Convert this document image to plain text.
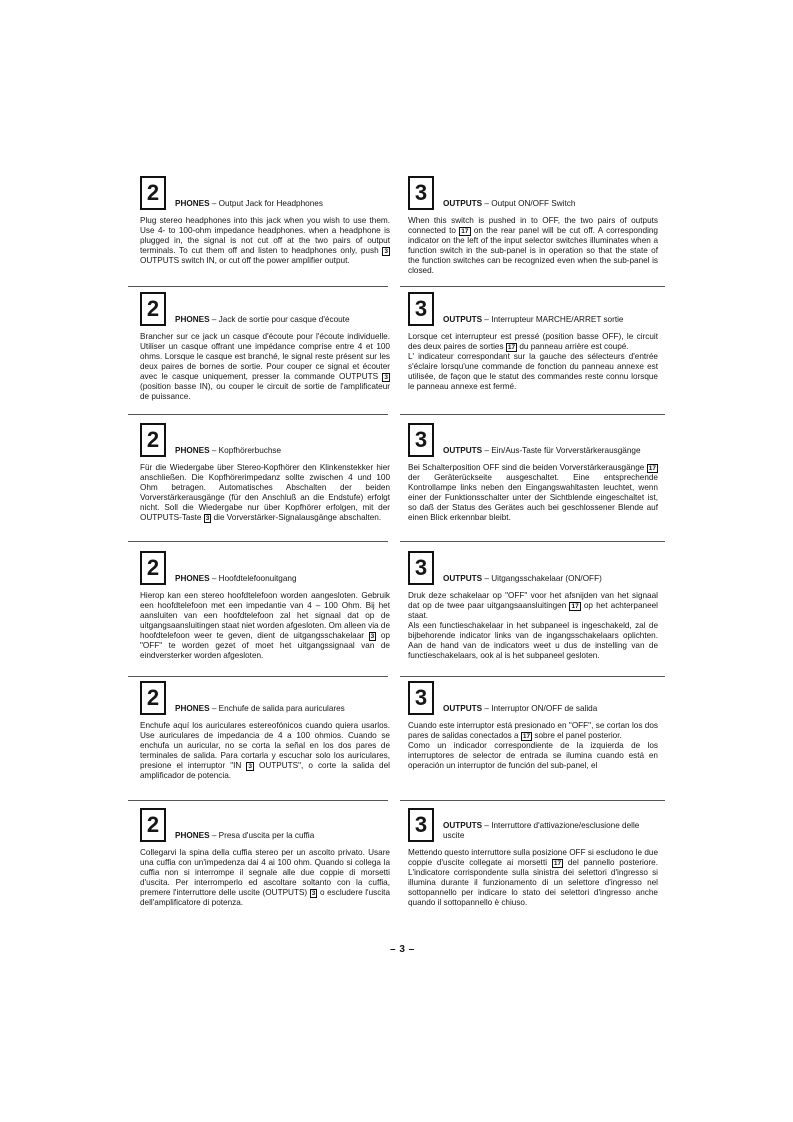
2	PHONES – Output Jack for Headphones
Plug stereo headphones into this jack when you wish to use them. Use 4- to 100-ohm impedance headphones. when a headphone is plugged in, the signal is not cut off at the two pairs of output terminals. To cut them off and listen to headphones only, push 3 OUTPUTS switch IN, or cut off the power amplifier output.
3	OUTPUTS – Output ON/OFF Switch
When this switch is pushed in to OFF, the two pairs of outputs connected to 17 on the rear panel will be cut off. A corresponding indicator on the left of the input selector switches illuminates when a function switch in the sub-panel is in operation so that the state of the function switches can be recognized even when the sub-panel is closed.
2	PHONES – Jack de sortie pour casque d'écoute
Brancher sur ce jack un casque d'écoute pour l'écoute individuelle. Utiliser un casque offrant une impédance comprise entre 4 et 100 ohms. Lorsque le casque est branché, le signal reste présent sur les deux paires de bornes de sortie. Pour couper ce signal et écouter avec le casque uniquement, presser la commande OUTPUTS 3 (position basse IN), ou couper le circuit de sortie de l'amplificateur de puissance.
3	OUTPUTS – Interrupteur MARCHE/ARRET sortie

Lorsque cet interrupteur est pressé (position basse OFF), le circuit des deux paires de sorties 17 du panneau arrière est coupé.

L' indicateur correspondant sur la gauche des sélecteurs d'entrée s'éclaire lorsqu'une commande de fonction du panneau annexe est utilisée, de façon que le statut des commandes reste connu lorsque le panneau annexe est fermé.

2	PHONES – Kopfhörerbuchse
Für die Wiedergabe über Stereo-Kopfhörer den Klinkenstekker hier anschließen. Die Kopfhörerimpedanz sollte zwischen 4 und 100 Ohm betragen. Automatisches Abschalten der beiden Vorverstärkerausgänge (für den Anschluß an die Endstufe) erfolgt nicht. Soll die Wiedergabe nur über Kopfhörer erfolgen, mit der OUTPUTS-Taste 3 die Vorverstärker-Signalausgänge abschalten.
3	OUTPUTS – Ein/Aus-Taste für Vorverstärkerausgänge
Bei Schalterposition OFF sind die beiden Vorverstärkerausgänge 17 der Geräterückseite ausgeschaltet. Eine entsprechende Kontrollampe links neben den Eingangswahltasten leuchtet, wenn einer der Funktionsschalter unter der Sichtblende eingeschaltet ist, so daß der Status des Gerätes auch bei geschlossener Blende auf einen Blick erkennbar bleibt.
2	PHONES – Hoofdtelefoonuitgang
Hierop kan een stereo hoofdtelefoon worden aangesloten. Gebruik een hoofdtelefoon met een impedantie van 4 – 100 Ohm. Bij het aansluiten van een hoofdtelefoon zal het signaal dat op de uitgangsaansluitingen staat niet worden afgesloten. Om alleen via de hoofdtelefoon weer te geven, dient de uitgangsschakelaar 3 op "OFF" te worden gezet of moet het uitgangssignaal van de eindversterker worden afgesloten.
3	OUTPUTS – Uitgangsschakelaar (ON/OFF)

Druk deze schakelaar op "OFF" voor het afsnijden van het signaal dat op de twee paar uitgangsaansluitingen 17 op het achterpaneel staat.

Als een functieschakelaar in het subpaneel is ingeschakeld, zal de bijbehorende indicator links van de ingangsschakelaars oplichten. Aan de hand van de indicators weet u dus de instelling van de functieschakelaars, ook al is het subpaneel gesloten.

2	PHONES – Enchufe de salida para auriculares
Enchufe aquí los auriculares estereofónicos cuando quiera usarlos. Use auriculares de impedancia de 4 a 100 ohmios. Cuando se enchufa un auricular, no se corta la señal en los dos pares de terminales de salida. Para cortarla y escuchar solo los auriculares, presione el interruptor "IN 3 OUTPUTS", o corte la salida del amplificador de potencia.
3	OUTPUTS – Interruptor ON/OFF de salida

Cuando este interruptor está presionado en "OFF", se cortan los dos pares de salidas conectados a 17 sobre el panel posterior.

Como un indicador correspondiente de la izquierda de los interruptores de selector de entrada se ilumina cuando está en operación un interruptor de función del sub-panel, el

2	PHONES – Presa d'uscita per la cuffia
Collegarvi la spina della cuffia stereo per un ascolto privato. Usare una cuffia con un'impedenza dai 4 ai 100 ohm. Quando si collega la cuffia non si interrompe il segnale alle due coppie di morsetti d'uscita. Per interromperlo ed ascoltare soltanto con la cuffia, premere l'interruttore delle uscite (OUTPUTS) 3 o escludere l'uscita dell'amplificatore di potenza.
3	OUTPUTS – Interruttore d'attivazione/esclusione delle uscite
Mettendo questo interruttore sulla posizione OFF si escludono le due coppie d'uscite collegate ai morsetti 17 del pannello posteriore. L'indicatore corrispondente sulla sinistra dei selettori d'ingresso si illumina durante il funzionamento di un selettore d'ingresso nel sottopannello per indicare lo stato dei selettori d'ingresso anche quando il sottopannello è chiuso.
– 3 –
